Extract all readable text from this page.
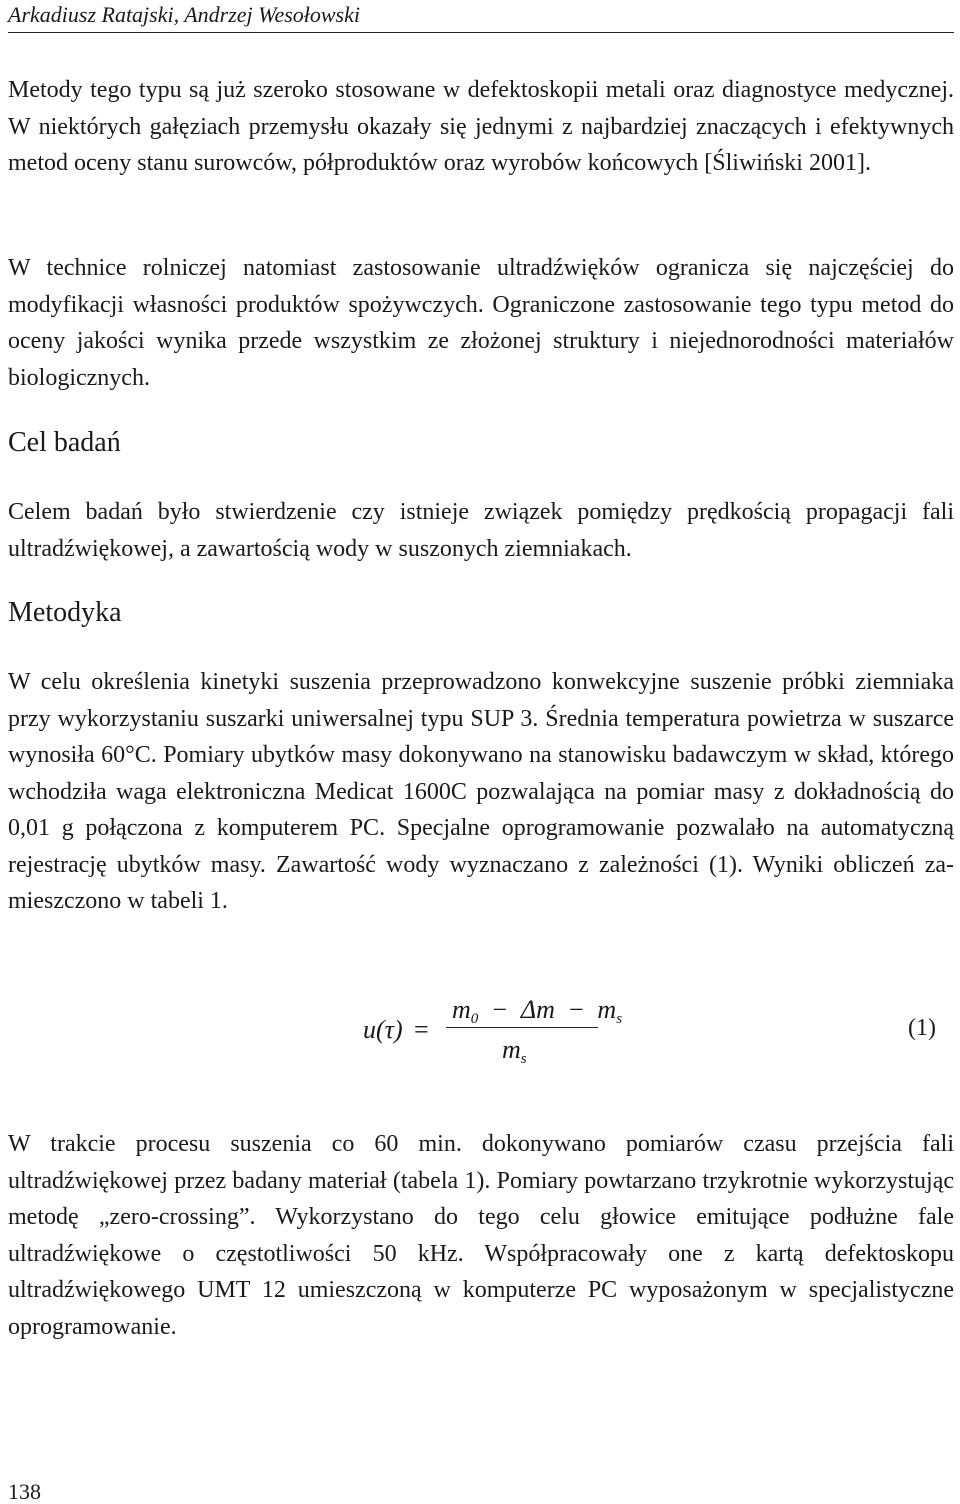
Arkadiusz Ratajski, Andrzej Wesołowski

Metody tego typu są już szeroko stosowane w defektoskopii metali oraz diagnostyce medycznej. W niektórych gałęziach przemysłu okazały się jednymi z najbardziej znaczących i efektywnych metod oceny stanu surowców, półproduktów oraz wyrobów końcowych [Śliwiński 2001].

W technice rolniczej natomiast zastosowanie ultradźwięków ogranicza się najczęściej do modyfikacji własności produktów spożywczych. Ograniczone zastosowanie tego typu metod do oceny jakości wynika przede wszystkim ze złożonej struktury i niejednorodności materiałów biologicznych.

Cel badań

Celem badań było stwierdzenie czy istnieje związek pomiędzy prędkością propagacji fali ultradźwiękowej, a zawartością wody w suszonych ziemniakach.

Metodyka

W celu określenia kinetyki suszenia przeprowadzono konwekcyjne suszenie próbki ziemniaka przy wykorzystaniu suszarki uniwersalnej typu SUP 3. Średnia temperatura powietrza w suszarce wynosiła 60°C. Pomiary ubytków masy dokonywano na stanowisku badawczym w skład, którego wchodziła waga elektroniczna Medicat 1600C pozwalająca na pomiar masy z dokładnością do 0,01 g połączona z komputerem PC. Specjalne oprogramowanie pozwalało na automatyczną rejestrację ubytków masy. Zawartość wody wyznaczano z zależności (1). Wyniki obliczeń zamieszczono w tabeli 1.

u(τ) =
$m_0 - \Delta m - m_s$
$m_s$
(1)

W trakcie procesu suszenia co 60 min. dokonywano pomiarów czasu przejścia fali ultradźwiękowej przez badany materiał (tabela 1). Pomiary powtarzano trzykrotnie wykorzystując metodę „zero-crossing”. Wykorzystano do tego celu głowice emitujące podłużne fale ultradźwiękowe o częstotliwości 50 kHz. Współpracowały one z kartą defektoskopu ultradźwiękowego UMT 12 umieszczoną w komputerze PC wyposażonym w specjalistyczne oprogramowanie.

138
